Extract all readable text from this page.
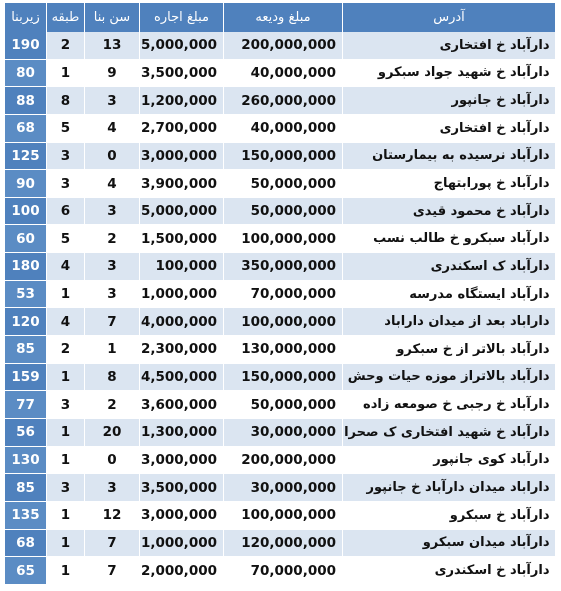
آدرس	مبلغ ودیعه	مبلغ اجاره	سن بنا	طبقه	زیربنا
دارآباد خ افتخاری	200,000,000	5,000,000	13	2	190
دارآباد خ شهید جواد سبکرو	40,000,000	3,500,000	9	1	80
دارآباد خ جانپور	260,000,000	1,200,000	3	8	88
دارآباد خ افتخاری	40,000,000	2,700,000	4	5	68
دارآباد نرسیده به بیمارستان	150,000,000	3,000,000	0	3	125
دارآباد خ پورابتهاج	50,000,000	3,900,000	4	3	90
دارآباد خ محمود قیدی	50,000,000	5,000,000	3	6	100
دارآباد سبکرو خ طالب نسب	100,000,000	1,500,000	2	5	60
دارآباد ک اسکندری	350,000,000	100,000	3	4	180
دارآباد ایستگاه مدرسه	70,000,000	1,000,000	3	1	53
داراباد بعد از میدان داراباد	100,000,000	4,000,000	7	4	120
دارآباد بالاتر از خ سبکرو	130,000,000	2,300,000	1	2	85
دارآباد بالاتراز موزه حیات وحش	150,000,000	4,500,000	8	1	159
دارآباد خ رجبی خ صومعه زاده	50,000,000	3,600,000	2	3	77
دارآباد خ شهید افتخاری ک صحرا	30,000,000	1,300,000	20	1	56
دارآباد کوی جانپور	200,000,000	3,000,000	0	1	130
داراباد میدان دارآباد خ جانپور	30,000,000	3,500,000	3	3	85
دارآباد خ سبکرو	100,000,000	3,000,000	12	1	135
دارآباد میدان سبکرو	120,000,000	1,000,000	7	1	68
دارآباد خ اسکندری	70,000,000	2,000,000	7	1	65
